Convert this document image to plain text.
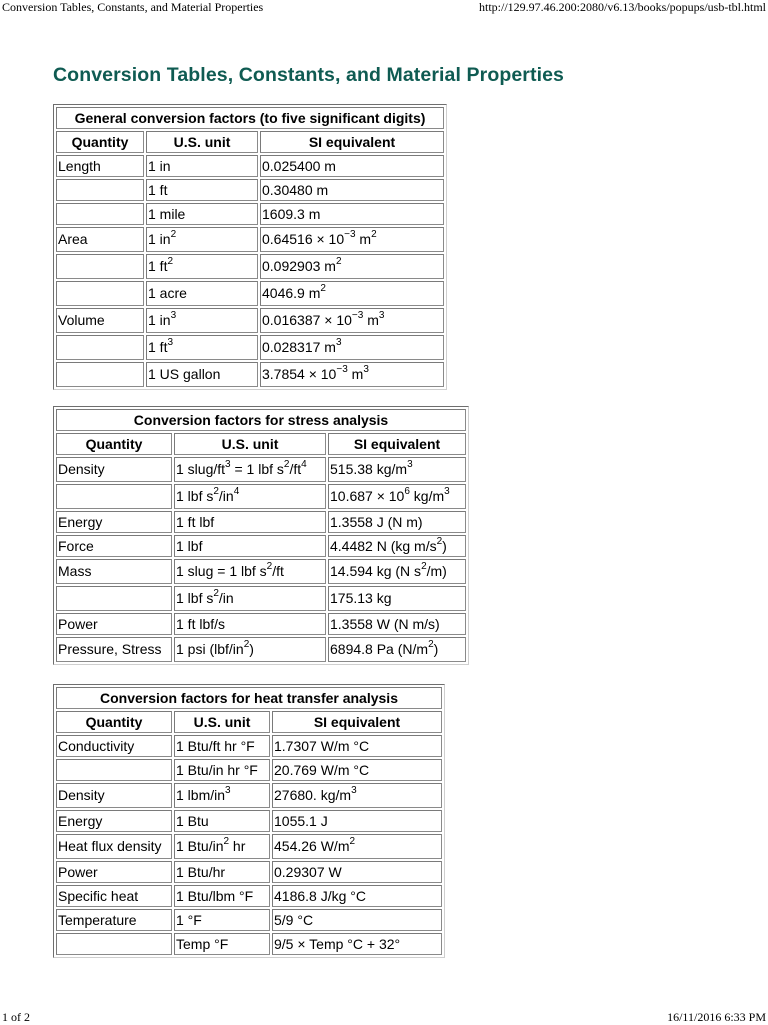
Conversion Tables, Constants, and Material Properties	http://129.97.46.200:2080/v6.13/books/popups/usb-tbl.html
Conversion Tables, Constants, and Material Properties
General conversion factors (to five significant digits)		
Quantity	U.S. unit	SI equivalent
Length	1 in	0.025400 m
	1 ft	0.30480 m
	1 mile	1609.3 m
Area	1 $in^2$	$0.64516 \times 10^{-3}$ $m^2$
	1 $ft^2$	0.092903 $m^2$
	1 acre	4046.9 $m^2$
Volume	1 $in^3$	$0.016387 \times 10^{-3}$ $m^3$
	1 $ft^3$	0.028317 $m^3$
	1 US gallon	$3.7854 \times 10^{-3}$ $m^3$
Conversion factors for stress analysis		
Quantity	U.S. unit	SI equivalent
Density	1 slug/$ft^3 = 1$ lbf $s^2/ft^4$	515.38 $kg/m^3$
	1 lbf $s^2/in^4$	$10.687 \times 10^6$ $kg/m^3$
Energy	1 ft lbf	1.3558 J (N m)
Force	1 lbf	4.4482 N (kg $m/s^2$)
Mass	1 slug = 1 lbf $s^2/ft$	14.594 kg (N $s^2/m$)
	1 lbf $s^2/in$	175.13 kg
Power	1 ft lbf/s	1.3558 W (N m/s)
Pressure, Stress	1 psi $(lbf/in^2)$	6894.8 Pa $(N/m^2)$
Conversion factors for heat transfer analysis		
Quantity	U.S. unit	SI equivalent
Conductivity	1 Btu/ft hr °F	1.7307 W/m °C
	1 Btu/in hr °F	20.769 W/m °C
Density	1 lbm/$in^3$	27680. $kg/m^3$
Energy	1 Btu	1055.1 J
Heat flux density	1 Btu/$in^2$ hr	454.26 $W/m^2$
Power	1 Btu/hr	0.29307 W
Specific heat	1 Btu/lbm °F	4186.8 J/kg °C
Temperature	1 °F	5/9 °C
	Temp °F	9/5 × Temp °C + 32°
1 of 2	16/11/2016 6:33 PM
